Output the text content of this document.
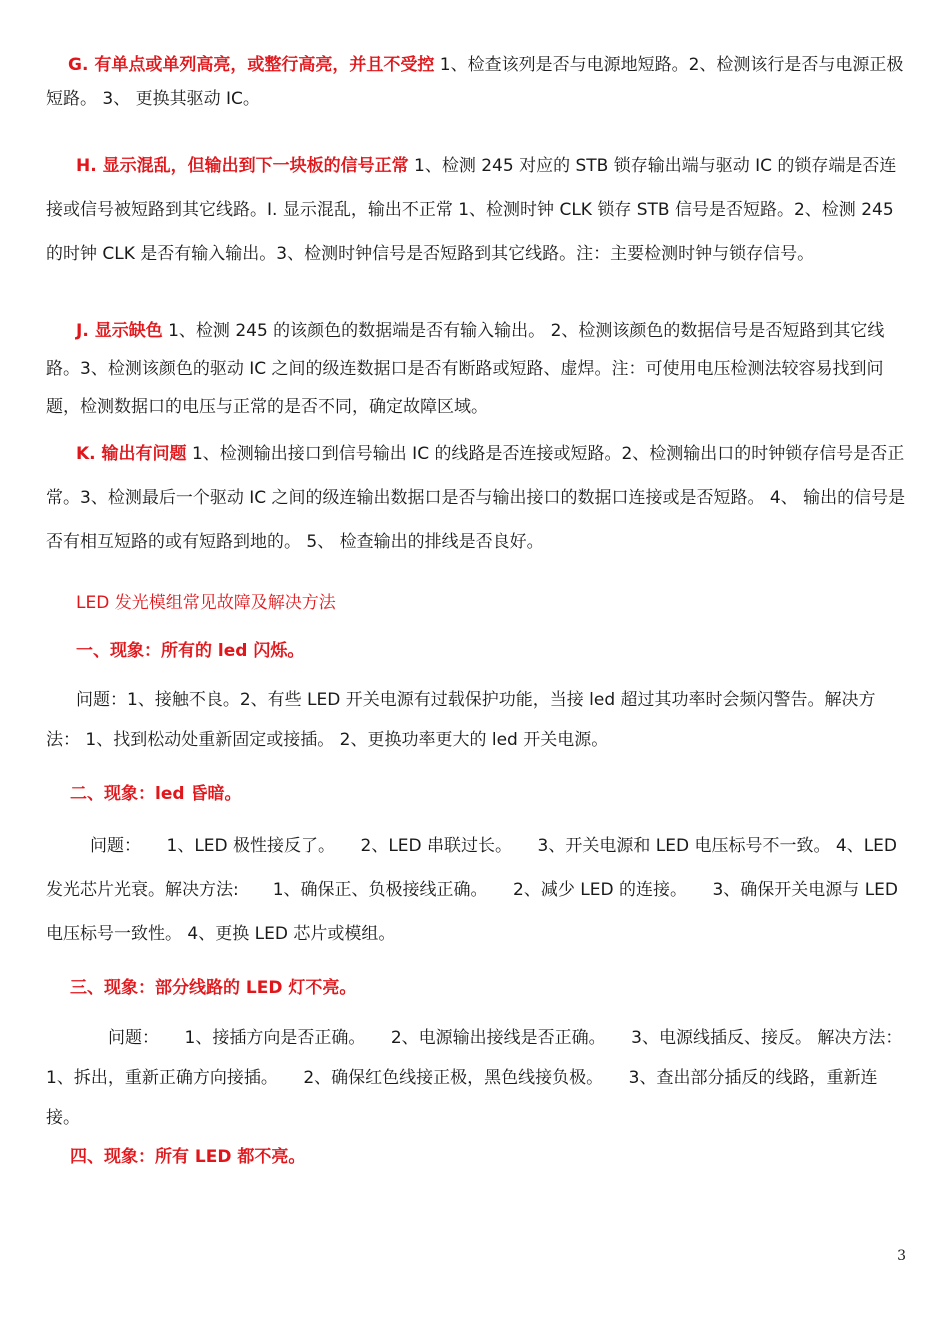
G. 有单点或单列高亮，或整行高亮，并且不受控 1、检查该列是否与电源地短路。2、检测该行是否与电源正极短路。 3、 更换其驱动 IC。

H. 显示混乱，但输出到下一块板的信号正常 1、检测 245 对应的 STB 锁存输出端与驱动 IC 的锁存端是否连接或信号被短路到其它线路。I. 显示混乱，输出不正常 1、检测时钟 CLK 锁存 STB 信号是否短路。2、检测 245 的时钟 CLK 是否有输入输出。3、检测时钟信号是否短路到其它线路。注：主要检测时钟与锁存信号。

J. 显示缺色 1、检测 245 的该颜色的数据端是否有输入输出。 2、检测该颜色的数据信号是否短路到其它线路。3、检测该颜色的驱动 IC 之间的级连数据口是否有断路或短路、虚焊。注：可使用电压检测法较容易找到问题，检测数据口的电压与正常的是否不同，确定故障区域。

K. 输出有问题 1、检测输出接口到信号输出 IC 的线路是否连接或短路。2、检测输出口的时钟锁存信号是否正常。3、检测最后一个驱动 IC 之间的级连输出数据口是否与输出接口的数据口连接或是否短路。 4、 输出的信号是否有相互短路的或有短路到地的。 5、 检查输出的排线是否良好。

LED 发光模组常见故障及解决方法

一、现象：所有的 led 闪烁。

问题：1、接触不良。2、有些 LED 开关电源有过载保护功能，当接 led 超过其功率时会频闪警告。解决方法： 1、找到松动处重新固定或接插。 2、更换功率更大的 led 开关电源。

二、现象：led 昏暗。

问题：　　1、LED 极性接反了。　　2、LED 串联过长。　　3、开关电源和 LED 电压标号不一致。 4、LED 发光芯片光衰。解决方法:　　1、确保正、负极接线正确。　　2、减少 LED 的连接。　　3、确保开关电源与 LED 电压标号一致性。 4、更换 LED 芯片或模组。

三、现象：部分线路的 LED 灯不亮。

问题：　　1、接插方向是否正确。　　2、电源输出接线是否正确。　　3、电源线插反、接反。 解决方法：　　1、拆出，重新正确方向接插。　　2、确保红色线接正极，黑色线接负极。　　3、查出部分插反的线路，重新连接。

四、现象：所有 LED 都不亮。

3
